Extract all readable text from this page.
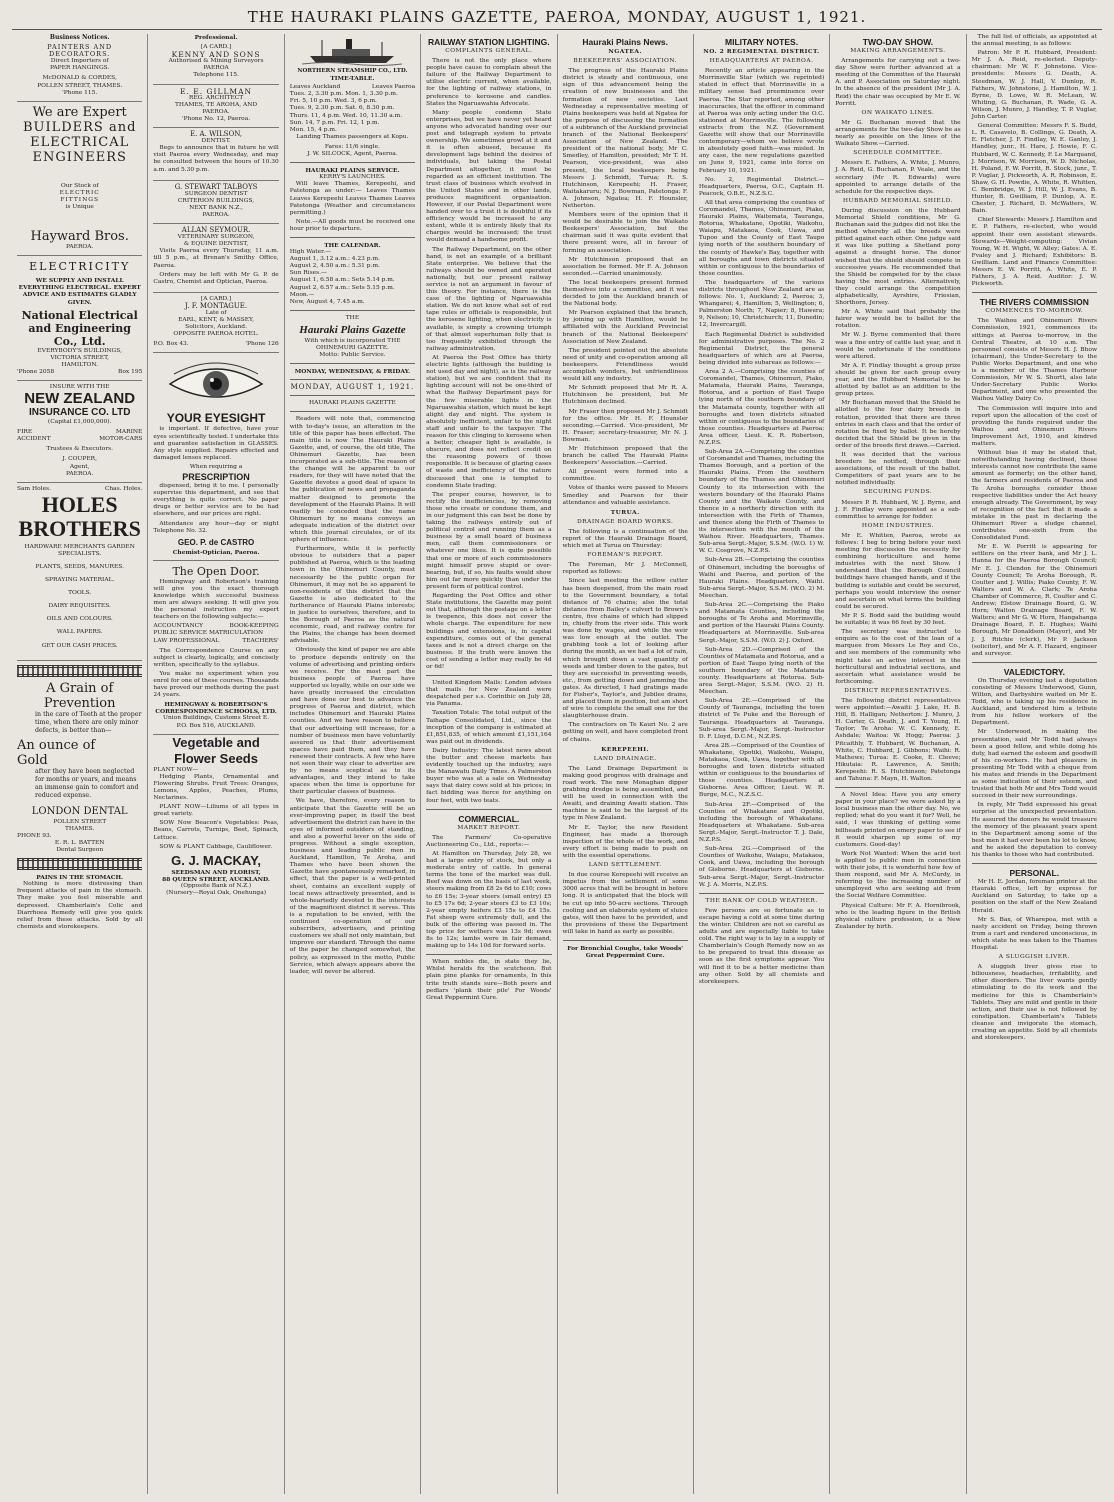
THE HAURAKI PLAINS GAZETTE, PAEROA, MONDAY, AUGUST 1, 1921.
Business Notices.
PAINTERS AND DECORATORS.
Direct Importers of
PAPER HANGINGS.
McDONALD & CORDES,
POLLEN STREET, THAMES.
'Phone 115.
We are Expert
BUILDERS and
ELECTRICAL
ENGINEERS
Our Stock of
ELECTRIC
FITTINGS
is Unique
Hayward Bros.
PAEROA.
ELECTRICITY
WE SUPPLY AND INSTALL EVERYTHING ELECTRICAL. EXPERT ADVICE AND ESTIMATES GLADLY GIVEN.
National Electrical and Engineering Co., Ltd.
EVERYBODY'S BUILDINGS,
VICTORIA STREET,
HAMILTON.
'Phone 2058	Box 195
INSURE WITH THE
NEW ZEALAND
INSURANCE CO. LTD
(Capital £1,000,000).
FIRE	MARINE
ACCIDENT	MOTOR-CARS
Trustees & Executors.
J. COUPER,
Agent,
PAEROA.
Sam Holes.	Chas. Holes.
HOLES
BROTHERS
HARDWARE MERCHANTS GARDEN SPECIALISTS.
PLANTS, SEEDS, MANURES.
SPRAYING MATERIAL.
TOOLS.
DAIRY REQUISITES.
OILS AND COLOURS.
WALL PAPERS.
GET OUR CASH PRICES.
A Grain of
Prevention
in the care of Teeth at the proper time, when there are only minor defects, is better than—
An ounce of
Gold
after they have been neglected for months or years, and means an immense gain to comfort and reduced expense.
LONDON DENTAL
POLLEN STREET
THAMES.
PHONE 93.
E. R. L. BATTEN
Dental Surgeon
PAINS IN THE STOMACH.

Nothing is more distressing than frequent attacks of pain in the stomach. They make you feel miserable and depressed. Chamberlain's Colic and Diarrhoea Remedy will give you quick relief from these attacks. Sold by all chemists and storekeepers.

Professional.
[A CARD.]
KENNY AND SONS
Authorised & Mining Surveyors
PAEROA
Telephone 115.
E. E. GILLMAN
REG. ARCHITECT
THAMES, TE AROHA, AND
PAEROA.
'Phone No. 12, Paeroa.
E. A. WILSON,
DENTIST.

Begs to announce that in future he will visit Paeroa every Wednesday, and may be consulted between the hours of 10.30 a.m. and 5.30 p.m.

G. STEWART TALBOYS
SURGEON DENTIST
CRITERION BUILDINGS,
NEXT BANK N.Z.,
PAEROA.
ALLAN SEYMOUR.
VETERINARY SURGEON,
& EQUINE DENTIST,

Visits Paeroa every Thursday, 11 a.m. till 5 p.m., at Brenan's Smithy Office, Paeroa.

Orders may be left with Mr G. P. de Castro, Chemist and Optician, Paeroa.

[A CARD.]
J. F. MONTAGUE.
Late of
EARL, KENT, & MASSEY,
Solicitors, Auckland.
OPPOSITE PAEROA HOTEL.
P.O. Box 43.	'Phone 126
YOUR EYESIGHT

is important. If defective, have your eyes scientifically tested. I undertake this and guarantee satisfaction in GLASSES. Any style supplied. Repairs effected and damaged lenses replaced.

When requiring a
PRESCRIPTION

dispensed, bring it to me. I personally supervise this department, and see that everything is quite correct. No paper drugs or better service are to be had elsewhere, and our prices are right.

Attendance any hour—day or night Telephone No. 32.

GEO. P. de CASTRO
Chemist-Optician, Paeroa.
The Open Door.

Hemingway and Robertson's training will give you the exact thorough knowledge which successful business men are always seeking. It will give you the personal instruction my expert teachers on the following subjects:—

ACCOUNTANCY	BOOK-KEEPING
PUBLIC SERVICE MATRICULATION
LAW PROFESSIONAL	TEACHERS'

The Correspondence Course on any subject is clearly, logically, and concisely written, specifically to the syllabus.

You make no experiment when you enrol for one of these courses. Thousands have proved our methods during the past 24 years.

HEMINGWAY & ROBERTSON'S CORRESPONDENCE SCHOOLS, LTD.
Union Buildings, Customs Street E.
P.O. Box 516, AUCKLAND.
Vegetable and
Flower Seeds
PLANT NOW—

Hedging Plants, Ornamental and Flowering Shrubs. Fruit Trees: Oranges, Lemons, Apples, Peaches, Plums, Nectarines.

PLANT NOW—Liliums of all types in great variety.

SOW Now Beacon's Vegetables: Peas, Beans, Carrots, Turnips, Beet, Spinach, Lettuce.

SOW & PLANT Cabbage, Cauliflower.

G. J. MACKAY,
SEEDSMAN AND FLORIST,
88 QUEEN STREET, AUCKLAND.
(Opposite Bank of N.Z.)
(Nursery—Royal Oak, Onehunga)
NORTHERN STEAMSHIP CO., LTD.
TIME-TABLE.
Leaves Auckland	Leaves Paeroa
Tues. 2, 3.30 p.m. Mon. 1, 3.30 p.m.
Fri. 5, 10 p.m. Wed. 3, 6 p.m.
Tues. 9, 2.30 p.m. Sat. 6, 8.30 p.m.
Thurs. 11, 4 p.m. Wed. 10, 11.30 a.m.
Sun. 14, 7 p.m. Fri. 12, 1 p.m.
Mon. 15, 4 p.m.
Landing Thames passengers at Kopu.
Fares: 11/6 single.
J. W. SILCOCK, Agent, Paeroa.
HAURAKI PLAINS SERVICE.
KERRY'S LAUNCHES.

Will leave Thames, Kerepeehi, and Patetonga as under:— Leaves Thames Leaves Kerepeehi Leaves Thames Leaves Patetonga (Weather and circumstances permitting.)

Note.—All goods must be received one hour prior to departure.

THE CALENDAR.
High Water.—
August 1, 3.12 a.m.: 4.23 p.m.
August 2, 4.50 a.m.: 5.31 p.m.
Sun Rises.—
August 1, 6.58 a.m.: Sets 5.14 p.m.
August 2, 6.57 a.m.: Sets 5.15 p.m.
Moon.—
New, August 4, 7.45 a.m.
THE
Hauraki Plains Gazette
With which is incorporated THE OHINEMURI GAZETTE.
Motto: Public Service.
MONDAY, WEDNESDAY, & FRIDAY.
MONDAY, AUGUST 1, 1921.
HAURAKI PLAINS GAZETTE

Readers will note that, commencing with to-day's issue, an alteration in the title of this paper has been effected. The main title is now The Hauraki Plains Gazette, and, of course, the old title, The Ohinemuri Gazette, has been incorporated as a sub-title. The reason of the change will be apparent to our readers, for they will have noted that the Gazette devotes a good deal of space to the publication of news and propaganda matter designed to promote the development of the Hauraki Plains. It will readily be conceded that the name Ohinemuri by no means conveys an adequate indication of the district over which this journal circulates, or of its sphere of influence.

Furthermore, while it is perfectly obvious to outsiders that a paper published at Paeroa, which is the leading town in the Ohinemuri County, must necessarily be the public organ for Ohinemuri, it may not be so apparent to non-residents of this district that the Gazette is also dedicated to the furtherance of Hauraki Plains interests; in justice to ourselves, therefore, and to the Borough of Paeroa as the natural economic, road, and railway centre for the Plains, the change has been deemed advisable.

Obviously the kind of paper we are able to produce depends entirely on the volume of advertising and printing orders we receive. For the most part the business people of Paeroa have supported us loyally, while on our side we have greatly increased the circulation and have done our best to advance the progress of Paeroa and district, which includes Ohinemuri and Hauraki Plains counties. And we have reason to believe that our advertising will increase, for a number of business men have voluntarily assured us that their advertisement spaces have paid them, and they have renewed their contracts. A few who have not seen their way clear to advertise are by no means sceptical as to its advantages, and they intend to take spaces when the time is opportune for their particular classes of business.

We have, therefore, every reason to anticipate that the Gazette will be an ever-improving paper, in itself the best advertisement the district can have in the eyes of informed outsiders of standing, and also a powerful lever on the side of progress. Without a single exception, business and leading public men in Auckland, Hamilton, Te Aroha, and Thames who have been shown the Gazette have spontaneously remarked, in effect, that the paper is a well-printed sheet, contains an excellent supply of local news attractively presented, and is whole-heartedly devoted to the interests of the magnificent district it serves. This is a reputation to be envied, with the continued co-operation of our subscribers, advertisers, and printing customers we shall not only maintain, but improve our standard. Through the name of the paper be changed somewhat, the policy, as expressed in the motto, Public Service, which always appears above the leader, will never be altered.

RAILWAY STATION LIGHTING.
COMPLAINTS GENERAL.

There is not the only place where people have cause to complain about the failure of the Railway Department to utilise electric current, when available, for the lighting of railway stations, in preference to kerosene and candles. States the Ngaruawahia Advocate.

Many people condemn State enterprises, but we have never yet heard anyone who advocated handing over our post and telegraph system to private ownership. We sometimes growl at it and it is often abused, because its development lags behind the desires of individuals, but taking the Postal Department altogether, it must be regarded as an efficient institution. The trust class of business which evolved in the United States and in other lands, produces magnificent organisation. However, if our Postal Department were handed over to a trust it is doubtful if its efficiency would be increased to any extent, while it is entirely likely that its charges would be increased; the trust would demand a handsome profit.

The Railway Department, on the other hand, is not an example of a brilliant State enterprise. We believe that the railways should be owned and operated nationally, but our present railway service is not an argument in favour of this theory. For instance, there is the case of the lighting of Ngaruawahia station. We do not know what set of red tape rules or officials is responsible, but the kerosene lighting, when electricity is available, is simply a crowning triumph of that almost superhuman folly that is too frequently exhibited through the railway administration.

At Paeroa the Post Office has thirty electric lights (although the building is not used day and night), as is the railway station), but we are confident that its lighting account will not be one-third of what the Railway Department pays for the few miserable lights in the Ngaruawahia station, which must be kept alight day and night. The system is absolutely inefficient, unfair to the night staff and unfair to the taxpayer. The reason for this clinging to kerosene when a better, cheaper light is available, is obscure, and does not reflect credit on the reasoning powers of those responsible. It is because of glaring cases of waste and inefficiency of the nature discussed that one is tempted to condemn State trading.

The proper course, however, is to rectify the inefficiencies, by removing those who create or condone them, and in our judgment this can best be done by taking the railways entirely out of political control and running them as a business by a small board of business men, call them commissioners or whatever one likes. It is quite possible that one or more of such commissioners might himself prove stupid or over-bearing, but, if so, his faults would show him out far more quickly than under the present form of political control.

Regarding the Post Office and other State institutions, the Gazette may point out that, although the postage on a letter is twopence, this does not cover the whole charge. The expenditure for new buildings and extensions, is, in capital expenditure, comes out of the general taxes and is not a direct charge on the business. If the truth were known the cost of sending a letter may really be 4d or 6d!

United Kingdom Mails: London advises that mails for New Zealand were despatched per s.s. Corinthic on July 28, via Panama.

Taxation Totals: The total output of the Taihape Consolidated, Ltd., since the inception of the company is estimated at £1,851,835, of which amount £1,151,164 was paid out in dividends.

Dairy Industry: The latest news about the butter and cheese markets has evidently touched up the industry, says the Manawatu Daily Times. A Palmerston buyer who was at a sale on Wednesday says that dairy cows sold at his prices; in fact bidding was fierce for anything on four feet, with two teats.

COMMERCIAL.
MARKET REPORT.

The Farmers' Co-operative Auctioneering Co., Ltd., reports:—

At Hamilton on Thursday, July 28, we had a large entry of stock, but only a moderate entry of cattle. In general terms the tone of the market was dull. Beef was down on the basis of last week, steers making from £8 2s 6d to £10; cows to £6 15s; 3-year steers (small entry) £5 to £5 17s 6d; 2-year steers £3 to £3 10s; 2-year empty heifers £3 15s to £4 15s. Fat sheep were extremely dull, and the bulk of the offering was passed in. The top price for wethers was 13s 9d; ewes 8s to 12s; lambs were in fair demand, making up to 14s 10d for forward sorts.

When nobles die, in state they lie, Whilst heralds fix the scutcheon. But plain pine planks for ornaments, In this trite truth stands sure—Both peers and pedlars 'plank their pile' For Woods' Great Peppermint Cure.

Hauraki Plains News.
NGATEA.
BEEKEEPERS' ASSOCIATION.

The progress of the Hauraki Plains district is steady and continuous, one sign of this advancement being the creation of new businesses and the formation of new societies. Last Wednesday a representative meeting of Plains beekeepers was held at Ngatea for the purpose of discussing the formation of a subbranch of the Auckland provincial branch of the National Beekeepers' Association of New Zealand. The president of the national body, Mr C. Smedley, of Hamilton, presided; Mr T. H. Pearson, vice-president, was also present, the local beekeepers being Messrs J. Schmidt, Turua; R. S. Hutchinson, Kerepeehi; H. Fraser, Waitakaruru; N. J. Bowman, Patetonga; F. A. Johnson, Ngatea; H. F. Hounsler, Netherton.

Members were of the opinion that it would be desirable to join the Waikato Beekeepers' Association, but the chairman said it was quite evident that there present were, all in favour of forming an association.

Mr Hutchinson proposed that an association be formed. Mr F. A. Johnson seconded.—Carried unanimously.

The local beekeepers present formed themselves into a committee, and it was decided to join the Auckland branch of the National body.

Mr Pearson explained that the branch, by joining up with Hamilton, would be affiliated with the Auckland Provincial branch of the National Beekeepers' Association of New Zealand.

The president pointed out the absolute need of unity and co-operation among all beekeepers. Friendliness would accomplish wonders, but unfriendliness would kill any industry.

Mr Schmidt proposed that Mr R. A. Hutchinson be president, but Mr Hutchinson declined.

Mr Fraser then proposed Mr J. Schmidt for the office. Mr H. F. Hounsler seconding.—Carried. Vice-president, Mr H. Fraser; secretary-treasurer, Mr N. J. Bowman.

Mr Hutchinson proposed that the branch be called The Hauraki Plains Beekeepers' Association.—Carried.

All present were formed into a committee.

Votes of thanks were passed to Messrs Smedley and Pearson for their attendance and valuable assistance.

TURUA.
DRAINAGE BOARD WORKS.

The following is a continuation of the report of the Hauraki Drainage Board, which met at Turua on Thursday:

FOREMAN'S REPORT.

The Foreman, Mr J. McConnell, reported as follows:

Since last meeting the willow cutter has been deepened, from the main road to the Government boundary, a total distance of 76 chains; also the total distance from Bailey's culvert to Brown's centre, five chains of which had slipped in, chiefly from the river side. This work was done by wages, and while the weir was low enough at the outlet. The grabbing took a lot of looking after during the month, as we had a lot of rain, which brought down a vast quantity of weeds and timber down to the gates, but they are successful in preventing weeds, etc., from getting down and jamming the gates. As directed, I had gratings made for Fisher's, Taylor's, and Jubilee drains, and placed them in position, but am short of wire to complete the small one for the slaughterhouse drain.

The contractors on Te Kauri No. 2 are getting on well, and have completed front of chains.

KEREPEEHI.
LAND DRAINAGE.

The Land Drainage Department is making good progress with drainage and road work. The new Monaghan dipper grabbing dredge is being assembled, and will be used in connection with the Awaiti, and draining Awaiti station. This machine is said to be the largest of its type in New Zealand.

Mr E. Taylor, the new Resident Engineer, has made a thorough inspection of the whole of the work, and every effort is being made to push on with the essential operations.

LAND SETTLEMENT.

In due course Kerepeehi will receive an impetus from the settlement of some 3000 acres that will be brought in before long. It is anticipated that the block will be cut up into 50-acre sections. Through cooling and an elaborate system of sluice gates, will then have to be provided, and the provisions of these the Department will take in hand as early as possible.

For Bronchial Coughs, take Woods' Great Peppermint Cure.
MILITARY NOTES.
NO. 2 REGIMENTAL DISTRICT.
HEADQUARTERS AT PAEROA.

Recently an article appearing in the Morrinsville Star (which we reprinted) stated in effect that Morrinsville in a military sense had preeminence over Paeroa. The Star reported, among other inaccuracies, that the officer in command at Paeroa was only acting under the O.C. stationed at Morrinsville. The following extracts from the N.Z. (Government Gazette will show that our Morrinsville contemporary—whom we believe wrote in absolutely good faith—was misled. In any case, the new regulations gazetted on June 9, 1921, came into force on February 10, 1921.

No. 2, Regimental District.—Headquarters, Paeroa, O.C., Captain H. Peacock, O.B.E., N.Z.S.C.

All that area comprising the counties of Coromandel, Thames, Ohinemuri, Piako, Hauraki Plains, Waitemata, Tauranga, Rotorua, Whakatane, Opotiki, Waikohu, Waiapu, Matakaoa, Cook, Uawa, and Tupoo and the County of East Taupo lying north of the southern boundary of the county of Hawke's Bay, together with all boroughs and town districts situated within or contiguous to the boundaries of those counties.

The headquarters of the various districts throughout New Zealand are as follows: No. 1, Auckland; 2, Paeroa; 3, Whangarei; 4, Hamilton; 5, Wellington; 6, Palmerston North; 7, Napier; 8, Hawera; 9, Nelson; 10, Christchurch; 11, Dunedin; 12, Invercargill.

Each Regimental District is subdivided for administrative purposes. The No. 2 Regimental District, the general headquarters of which are at Paeroa, being divided into subareas as follows:—

Area 2 A.—Comprising the counties of Coromandel, Thames, Ohinemuri, Piako, Matamata, Hauraki Plains, Tauranga, Rotorua, and a portion of East Taupo lying north of the southern boundary of the Matamata county, together with all boroughs and town districts situated within or contiguous to the boundaries of those counties. Headquarters at Paeroa; Area officer, Lieut. K. R. Robertson, N.Z.P.S.

Sub-Area 2A.—Comprising the counties of Coromandel and Thames, including the Thames Borough, and a portion of the Hauraki Plains. From the southern boundary of the Thames and Ohinemuri County to its intersection with the western boundary of the Hauraki Plains County and the Waikato County, and thence in a northerly direction with its intersection with the Firth of Thames, and thence along the Firth of Thames to its intersection with the mouth of the Waihou River. Headquarters, Thames. Sub-area Sergt.-Major, S.S.M. (W.O. 1) W. W. C. Cosgrove, N.Z.P.S.

Sub-Area 2B.—Comprising the counties of Ohinemuri, including the boroughs of Waihi and Paeroa, and portion of the Hauraki Plains. Headquarters, Waihi. Sub-area Sergt.-Major, S.S.M. (W.O. 2) M. Meechan.

Sub-Area 2C.—Comprising the Piako and Matamata Counties, including the boroughs of Te Aroha and Morrinsville, and portion of the Hauraki Plains County. Headquarters at Morrinsville. Sub-area Sergt.-Major, S.S.M. (W.O. 2) J. Oxford.

Sub-Area 2D.—Comprised of the Counties of Matamata and Rotorua, and a portion of East Taupo lying north of the southern boundary of the Matamata county. Headquarters at Rotorua. Sub-area Sergt.-Major, S.S.M. (W.O. 2) H. Meechan.

Sub-Area 2E.—Comprised of the County of Tauranga, including the town district of Te Puke and the Borough of Tauranga. Headquarters at Tauranga. Sub-area Sergt.-Major, Sergt.-Instructor D. F. Lloyd, D.C.M., N.Z.P.S.

Area 2B.—Comprised of the Counties of Whakatane, Opotiki, Waikohu, Waiapu, Matakaoa, Cook, Uawa, together with all boroughs and town districts situated within or contiguous to the boundaries of those counties. Headquarters at Gisborne. Area Officer, Lieut. W. R. Burge, M.C., N.Z.S.C.

Sub-Area 2F.—Comprised of the Counties of Whakatane and Opotiki, including the borough of Whakatane. Headquarters at Whakatane. Sub-area Sergt.-Major, Sergt.-Instructor T. J. Dale, N.Z.P.S.

Sub-Area 2G.—Comprised of the Counties of Waikohu, Waiapu, Matakaoa, Cook, and Uawa, including the borough of Gisborne. Headquarters at Gisborne. Sub-area Sergt.-Major, Sergt.-Instructor W. J. A. Morris, N.Z.P.S.

THE BANK OF COLD WEATHER.

Few persons are so fortunate as to escape having a cold at some time during the winter. Children are not so careful as adults and are especially liable to take cold. The right way is to lay in a supply of Chamberlain's Cough Remedy now so as to be prepared to treat this disease as soon as the first symptoms appear. You will find it to be a better medicine than any other. Sold by all chemists and storekeepers.

TWO-DAY SHOW.
MAKING ARRANGEMENTS.

Arrangements for carrying out a two-day Show were further advanced at a meeting of the Committee of the Hauraki A. and P. Association on Saturday night. In the absence of the president (Mr J. A. Reid) the chair was occupied by Mr E. W. Porritt.

ON WAIKATO LINES.

Mr G. Buchanan moved that the arrangements for the two-day Show be as nearly as possible on the lines of the Waikato Show.—Carried.

SCHEDULE COMMITTEE.

Messrs E. Fathers, A. White, J. Munro, J. A. Reid, G. Buchanan, P. Veale, and the secretary (Mr R. Edwards) were appointed to arrange details of the schedule for the respective days.

HUBBARD MEMORIAL SHIELD.

During discussion on the Hubbard Memorial Shield conditions, Mr G. Buchanan said the judges did not like the method whereby all the breeds were pitted against each other. One judge said it was like putting a Shetland pony against a draught horse. The donor wished that the shield should compete in successive years. He recommended that the Shield be competed for by the class having the most entries. Alternatively, they could arrange the competition alphabetically, Ayrshire, Friesian, Shorthorn, Jersey.

Mr A. White said that probably the fairer way would be to ballot for the rotation.

Mr W. J. Byrne commented that there was a fine entry of cattle last year, and it would be unfortunate if the conditions were altered.

Mr A. F. Findlay thought a group prize should be given for each group every year, and the Hubbard Memorial to be allotted by ballot as an addition to the group prizes.

Mr Buchanan moved that the Shield be allotted to the four dairy breeds in rotation, provided that there are three entries in each class and that the order of rotation be fixed by ballot. It be hereby decided that the Shield be given in the order of the breeds first drawn.—Carried.

It was decided that the various breeders be notified, through their associations, of the result of the ballot. Competitors of past years are to be notified individually.

SECURING FUNDS.

Messrs P. R. Hubbard, W. J. Byrne, and J. F. Findlay were appointed as a sub-committee to arrange for fodder.

HOME INDUSTRIES.

Mr E. Whitten, Paeroa, wrote as follows: I beg to bring before your next meeting for discussion the necessity for combining horticulture and home industries with the next Show. I understand that the Borough Council buildings have changed hands, and if the building is suitable and could be secured, perhaps you would interview the owner and ascertain on what terms the building could be secured.

Mr P. S. Bodd said the building would be suitable; it was 66 feet by 30 feet.

The secretary was instructed to enquire as to the cost of the loan of a marquee from Messrs Le Roy and Co., and see members of the community who might take an active interest in the horticultural and industrial sections, and ascertain what assistance would be forthcoming.

DISTRICT REPRESENTATIVES.

The following district representatives were appointed:—Awaiti: J. Lake, H. B. Hill, B. Halligan; Netherton: J. Munro, J. H. Carter, G. Death, J. and T. Young, H. Taylor; Te Aroha: W. C. Kennedy, E. Ashdale; Waitoa: W. Hogg; Paeroa: J. Pitcaithly, T. Hubbard, W. Buchanan, A. White, C. Hubbard, J. Gibbons; Waihi: R. Mathews; Turua: E. Cooke, E. Cleeve; Hikutaia: R. Lawrence, A. Smith; Kerepeehi: R. S. Hutchinson; Patetonga and Tahuna: F. Mayn, H. Walton.

A Novel Idea: Have you any emery paper in your place? we were asked by a local business man the other day. No, we replied; what do you want it for? Well, he said, I was thinking of getting some billheads printed on emery paper to see if it would sharpen up some of my customers. Good-day!

Work Not Wanted: When the acid test is applied to public men in connection with their jobs, it is wonderful how few of them respond, said Mr A. McCurdy, in referring to the increasing number of unemployed who are seeking aid from the Social Welfare Committee.

Physical Culture: Mr F. A. Hornibrook, who is the leading figure in the British physical culture profession, is a New Zealander by birth.

The full list of officials, as appointed at the annual meeting, is as follows:

Patron: Mr P. R. Hubbard, President: Mr J. A. Reid, re-elected. Deputy-chairman: Mr W. F. Johnstone. Vice-presidents: Messrs G. Death, A. Steedman, W. J. Hall, V. Dunlop, R. Fathers, W. Johnstone, J. Hamilton, W. J. Byrne, D. Lowe, W. R. McLean, W. Whiting, G. Buchanan, R. Wade, G. A. Wilson, J. Munro, J. Handley, T. P. Vuglar, John Carter.

General Committee: Messrs F. S. Budd, L. R. Casavelo, B. Collings, G. Death, A. E. Fletcher, J. F. Findlay, W. E. Ganley, J. Handley, junr., H. Hare, J. Howie, F. C. Hubbard, W. C. Kennedy, F. Le Marquand, J. Morrison, W. Morrison, W. D. Nicholas, H. Poland, F. W. Porritt, R. Stock, junr., T. P. Vuglar, J. Pickworth, A. R. Robinson, E. Shaw, G. H. Powdie, A. White, R. Whitten, C. Bembridge, W. J. Hill, W. J. Evans, B. Hunter, B. Gwilliam, P. Dunlop, A. E. Chester, J. Richard, D. McWatters, W. Bain.

Chief Stewards: Messrs J. Hamilton and E. P. Fathers, re-elected, who would appoint their own assistant stewards. Stewards—Weight-computing: Vivian Young, W. H. Wight, W. Alley; Gates: A. E. Fvaley and J. Richard; Exhibitors: B. Gwilliam. Land and Finance Committee: Messrs E. W. Porritt, A. White, E. P. Fathers, J. A. Reid. Auditor: J. W. Pickworth.

THE RIVERS COMMISSION
COMMENCES TO-MORROW.

The Waihou and Ohinemuri Rivers Commission, 1921, commences its sittings at Paeroa to-morrow, in the Central Theatre, at 10 a.m. The personnel consists of Messrs H. J. Bhow (chairman), the Under-Secretary to the Public Works Department, and one who is a member of the Thames Harbour Commission, Mr W. S. Shortt, also late Under-Secretary Public Works Department, and one who presented the Waihou Valley Dairy Co.

The Commission will inquire into and report upon the allocation of the cost of providing the funds required under the Waihou and Ohinemuri Rivers Improvement Act, 1910, and kindred matters.

Without bias it may be stated that, notwithstanding having declined, those interests cannot now contribute the same amount as formerly; on the other hand, the farmers and residents of Paeroa and Te Aroha boroughs consider those respective liabilities under the Act heavy enough already. The Government, by way of recognition of the fact that it made a mistake in the past in declaring the Ohinemuri River a sludge channel, contributes one-sixth from the Consolidated Fund.

Mr E. W. Porritt is appearing for settlers on the river bank, and Mr J. L. Hanna for the Paeroa Borough Council; Mr E. J. Clendon for the Ohinemuri County Council; Te Aroha Borough, R. Coulter and J. Willis; Piako County, F. W. Walters and W. A. Clark; Te Aroha Chamber of Commerce, R. Coulter and C. Andrew; Elstow Drainage Board, G. W. Horn; Walton Drainage Board, F. W. Walters; and Mr G. W. Horn, Hangahanga Drainage Board, F. E. Hughes; Waihi Borough, Mr Donaldson (Mayor), and Mr J. J. Ritchie (clerk), Mr P. Jackson (solicitor), and Mr A. F. Hazard, engineer and surveyor.

VALEDICTORY.

On Thursday evening last a deputation consisting of Messrs Underwood, Gunn, Wilton, and Darbyshire waited on Mr E. Todd, who is taking up his residence in Auckland, and tendered him a tribute from his fellow workers of the Department.

Mr Underwood, in making the presentation, said Mr Todd had always been a good fellow, and while doing his duty, had earned the esteem and goodwill of his co-workers. He had pleasure in presenting Mr Todd with a cheque from his mates and friends in the Department as some indication of their esteem, and trusted that both Mr and Mrs Todd would succeed in their new surroundings.

In reply, Mr Todd expressed his great surprise at the unexpected presentation. He assured the donors he would treasure the memory of the pleasant years spent in the Department among some of the best men it had ever been his lot to know, and he asked the deputation to convey his thanks to those who had contributed.

PERSONAL.

Mr H. E. Jordan, foreman printer at the Hauraki office, left by express for Auckland on Saturday, to take up a position on the staff of the New Zealand Herald.

Mr S. Bax, of Wharepoa, met with a nasty accident on Friday, being thrown from a cart and rendered unconscious, in which state he was taken to the Thames Hospital.

A SLUGGISH LIVER.

A sluggish liver gives rise to biliousness, headaches, irritability, and other disorders. The liver wants gently stimulating to do its work and the medicine for this is Chamberlain's Tablets. They are mild and gentle in their action, and their use is not followed by constipation. Chamberlain's Tablets cleanse and invigorate the stomach, creating an appetite. Sold by all chemists and storekeepers.
